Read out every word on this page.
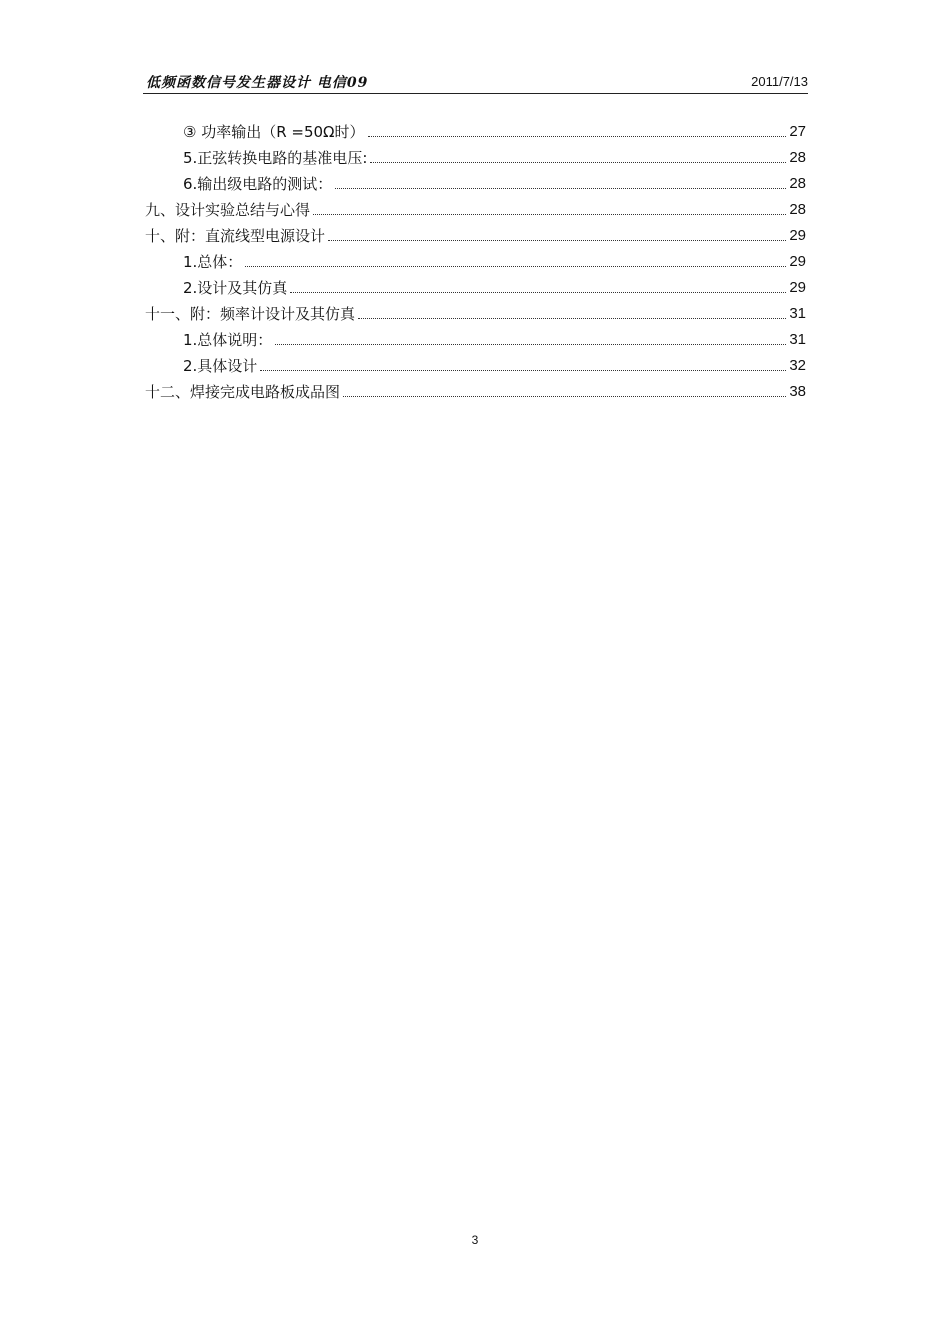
低频函数信号发生器设计 电信09	2011/7/13
③ 功率输出（R =50Ω时）	27
5.正弦转换电路的基准电压:	28
6.输出级电路的测试：	28
九、设计实验总结与心得	28
十、附：直流线型电源设计	29
1.总体：	29
2.设计及其仿真	29
十一、附：频率计设计及其仿真	31
1.总体说明：	31
2.具体设计	32
十二、焊接完成电路板成品图	38
3
